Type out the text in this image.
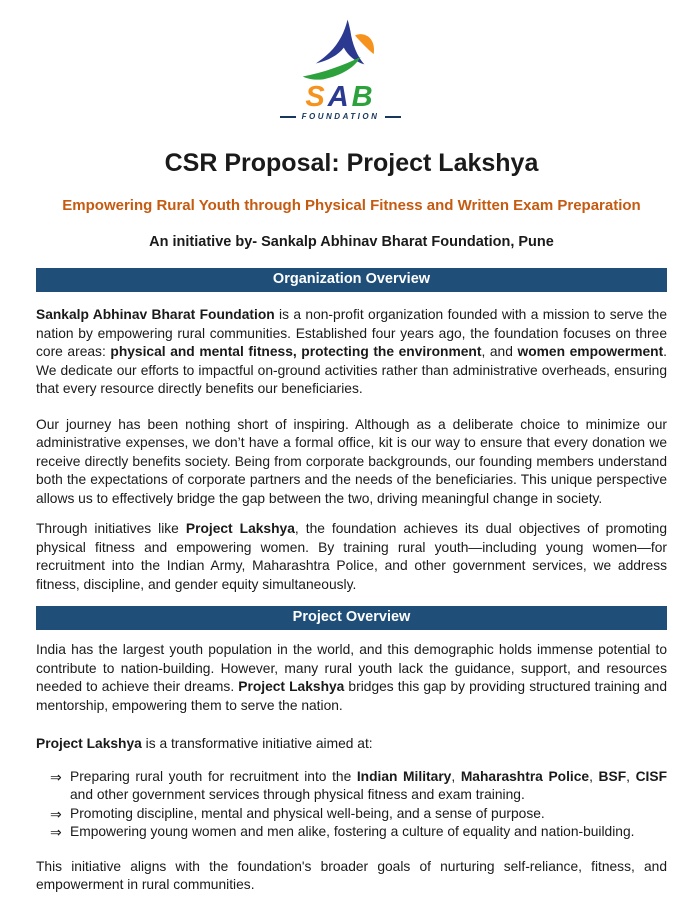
SAB
FOUNDATION
CSR Proposal: Project Lakshya
Empowering Rural Youth through Physical Fitness and Written Exam Preparation
An initiative by- Sankalp Abhinav Bharat Foundation, Pune
Organization Overview

Sankalp Abhinav Bharat Foundation is a non-profit organization founded with a mission to serve the nation by empowering rural communities. Established four years ago, the foundation focuses on three core areas: physical and mental fitness, protecting the environment, and women empowerment. We dedicate our efforts to impactful on-ground activities rather than administrative overheads, ensuring that every resource directly benefits our beneficiaries.

Our journey has been nothing short of inspiring. Although as a deliberate choice to minimize our administrative expenses, we don’t have a formal office, kit is our way to ensure that every donation we receive directly benefits society. Being from corporate backgrounds, our founding members understand both the expectations of corporate partners and the needs of the beneficiaries. This unique perspective allows us to effectively bridge the gap between the two, driving meaningful change in society.

Through initiatives like Project Lakshya, the foundation achieves its dual objectives of promoting physical fitness and empowering women. By training rural youth—including young women—for recruitment into the Indian Army, Maharashtra Police, and other government services, we address fitness, discipline, and gender equity simultaneously.

Project Overview

India has the largest youth population in the world, and this demographic holds immense potential to contribute to nation-building. However, many rural youth lack the guidance, support, and resources needed to achieve their dreams. Project Lakshya bridges this gap by providing structured training and mentorship, empowering them to serve the nation.

Project Lakshya is a transformative initiative aimed at:

⇒ Preparing rural youth for recruitment into the Indian Military, Maharashtra Police, BSF, CISF and other government services through physical fitness and exam training.
⇒ Promoting discipline, mental and physical well-being, and a sense of purpose.
⇒ Empowering young women and men alike, fostering a culture of equality and nation-building.

This initiative aligns with the foundation's broader goals of nurturing self-reliance, fitness, and empowerment in rural communities.
